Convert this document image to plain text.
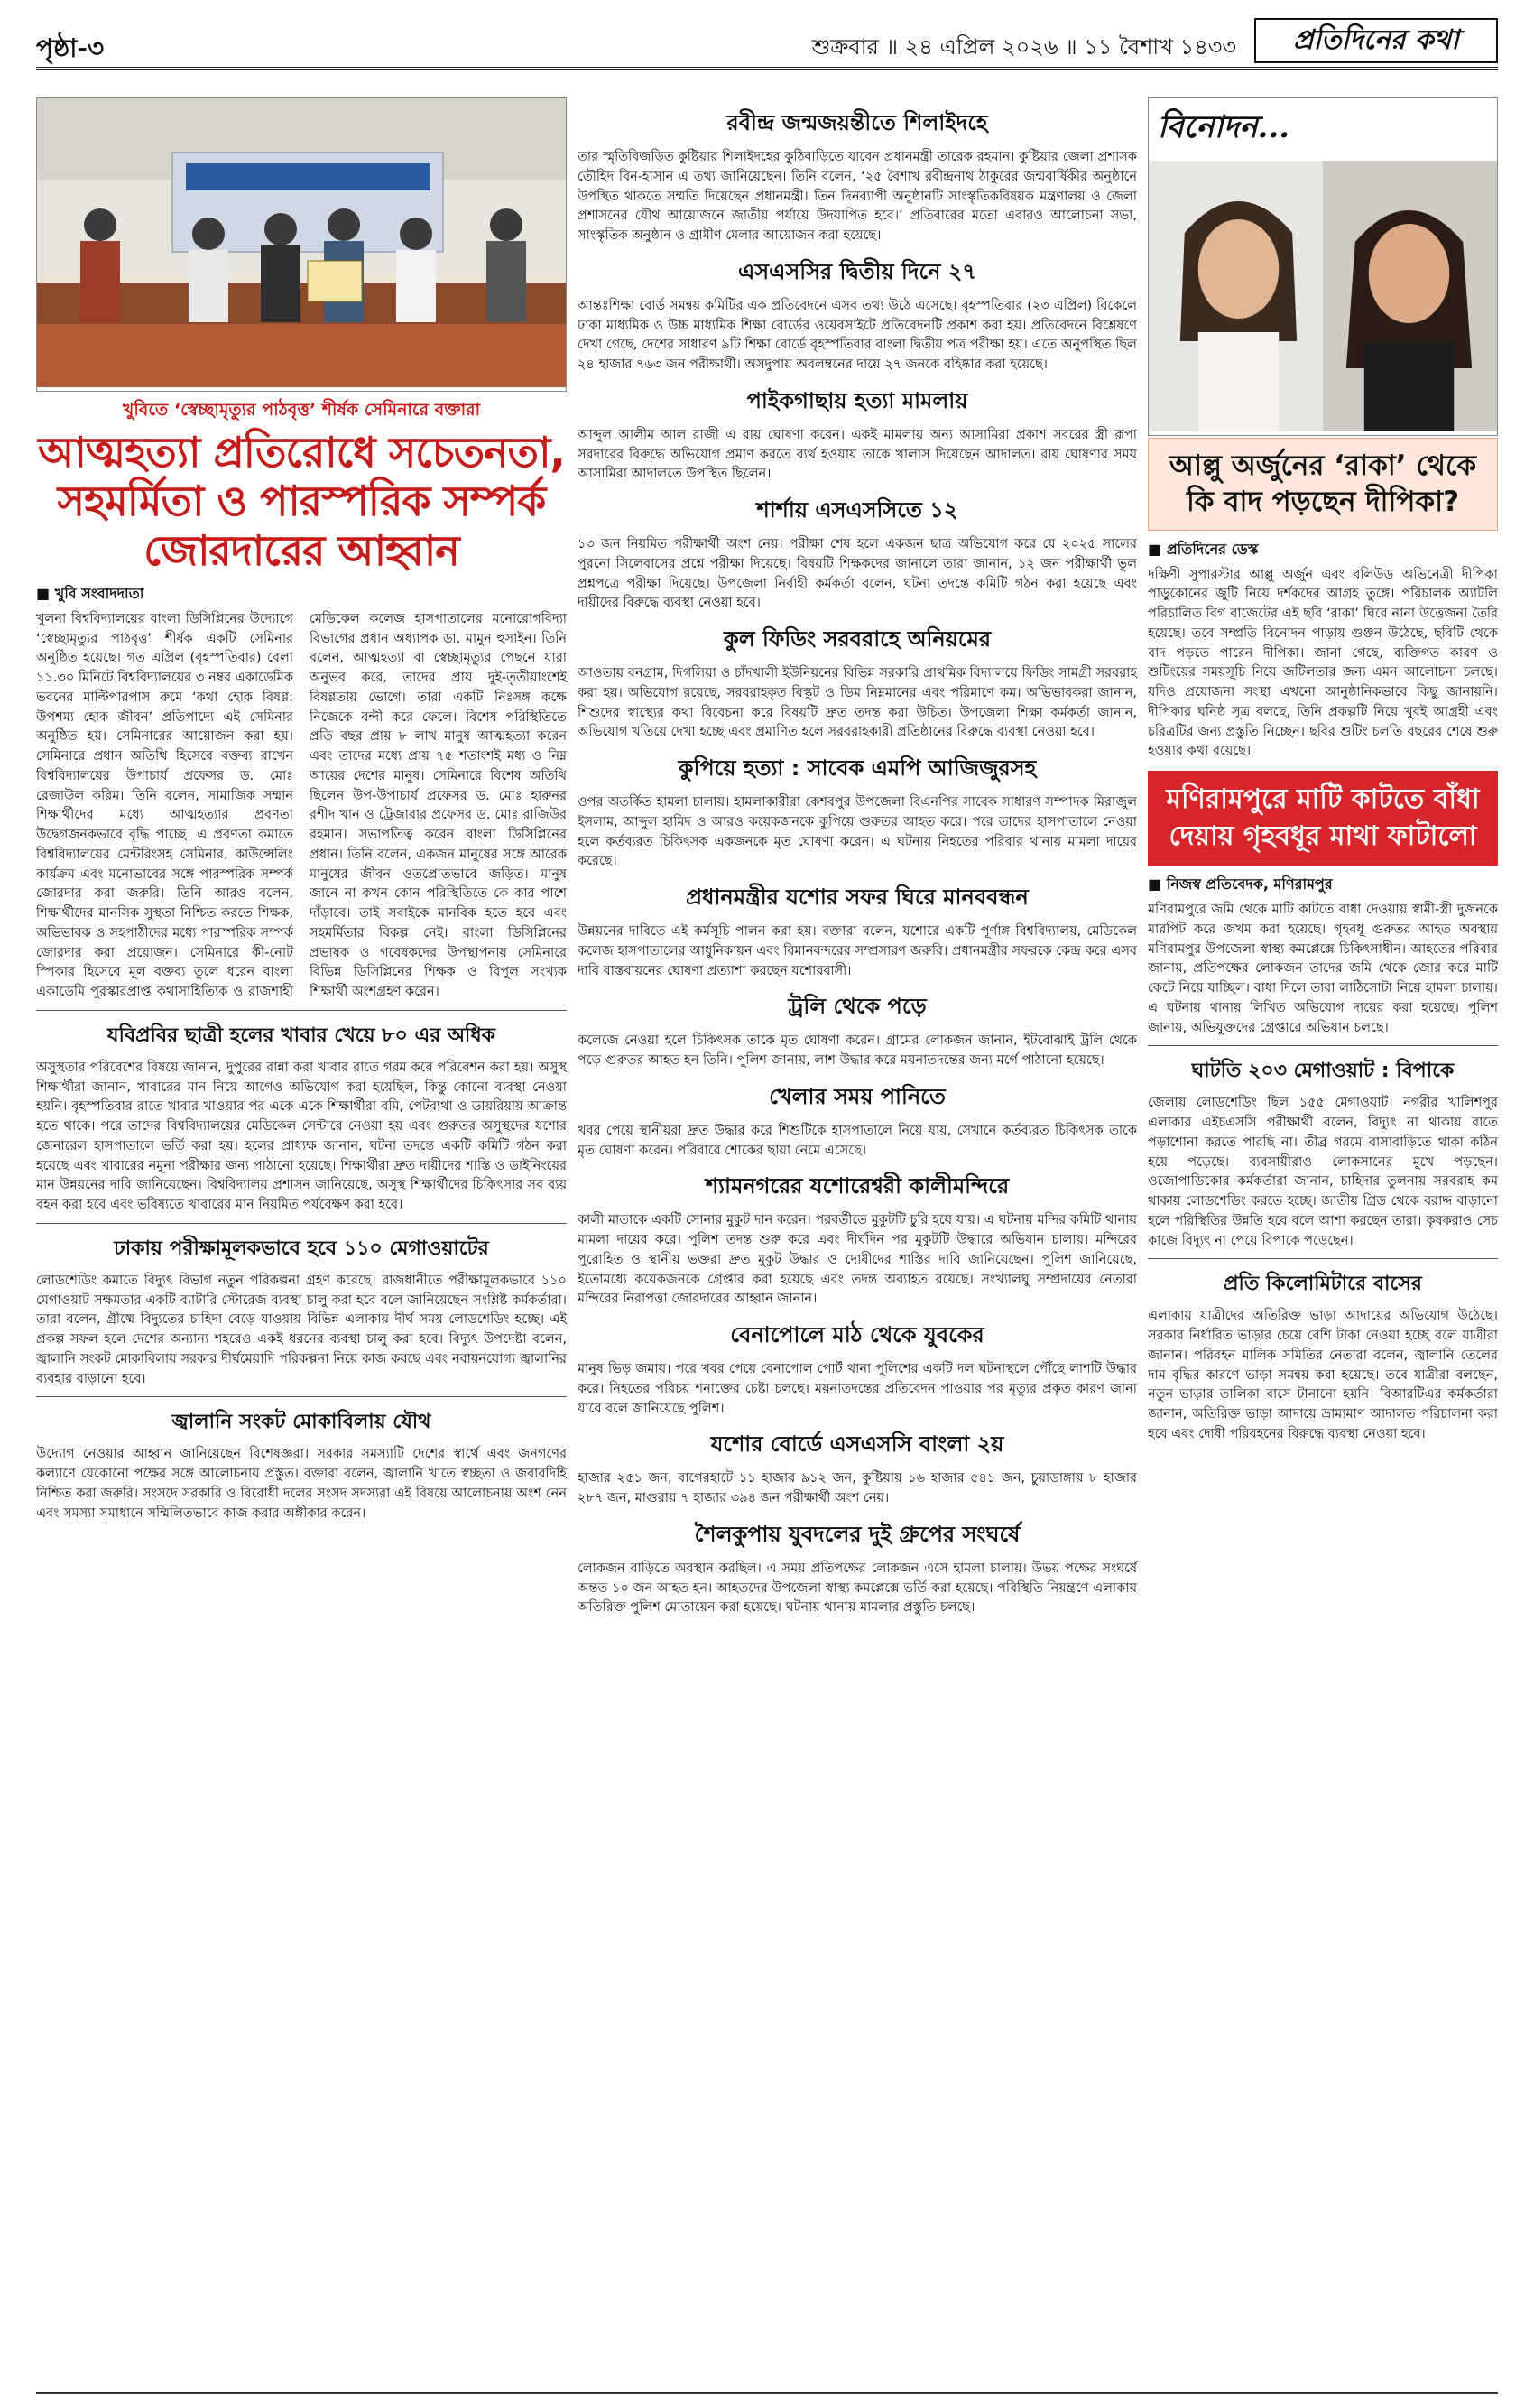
পৃষ্ঠা-৩	শুক্রবার ॥ ২৪ এপ্রিল ২০২৬ ॥ ১১ বৈশাখ ১৪৩৩	প্রতিদিনের কথা
খুবিতে ‘স্বেচ্ছামৃত্যুর পাঠবৃত্ত’ শীর্ষক সেমিনারে বক্তারা
আত্মহত্যা প্রতিরোধে সচেতনতা, সহমর্মিতা ও পারস্পরিক সম্পর্ক জোরদারের আহ্বান
■ খুবি সংবাদদাতা
খুলনা বিশ্ববিদ্যালয়ের বাংলা ডিসিপ্লিনের উদ্যোগে ‘স্বেচ্ছামৃত্যুর পাঠবৃত্ত’ শীর্ষক একটি সেমিনার অনুষ্ঠিত হয়েছে। গত এপ্রিল (বৃহস্পতিবার) বেলা ১১.৩০ মিনিটে বিশ্ববিদ্যালয়ের ৩ নম্বর একাডেমিক ভবনের মাল্টিপারপাস রুমে ‘কথা হোক বিষণ্ণ: উপশম্য হোক জীবন’ প্রতিপাদ্যে এই সেমিনার অনুষ্ঠিত হয়। সেমিনারের আয়োজন করা হয়। সেমিনারে প্রধান অতিথি হিসেবে বক্তব্য রাখেন বিশ্ববিদ্যালয়ের উপাচার্য প্রফেসর ড. মোঃ রেজাউল করিম। তিনি বলেন, সামাজিক সম্মান শিক্ষার্থীদের মধ্যে আত্মহত্যার প্রবণতা উদ্বেগজনকভাবে বৃদ্ধি পাচ্ছে। এ প্রবণতা কমাতে বিশ্ববিদ্যালয়ের মেন্টরিংসহ সেমিনার, কাউন্সেলিং কার্যক্রম এবং মনোভাবের সঙ্গে পারস্পরিক সম্পর্ক জোরদার করা জরুরি। তিনি আরও বলেন, শিক্ষার্থীদের মানসিক সুস্থতা নিশ্চিত করতে শিক্ষক, অভিভাবক ও সহপাঠীদের মধ্যে পারস্পরিক সম্পর্ক জোরদার করা প্রয়োজন। সেমিনারে কী-নোট স্পিকার হিসেবে মূল বক্তব্য তুলে ধরেন বাংলা একাডেমি পুরস্কারপ্রাপ্ত কথাসাহিত্যিক ও রাজশাহী মেডিকেল কলেজ হাসপাতালের মনোরোগবিদ্যা বিভাগের প্রধান অধ্যাপক ডা. মামুন হুসাইন। তিনি বলেন, আত্মহত্যা বা স্বেচ্ছামৃত্যুর পেছনে যারা অনুভব করে, তাদের প্রায় দুই-তৃতীয়াংশেই বিষণ্ণতায় ভোগে। তারা একটি নিঃসঙ্গ কক্ষে নিজেকে বন্দী করে ফেলে। বিশেষ পরিস্থিতিতে প্রতি বছর প্রায় ৮ লাখ মানুষ আত্মহত্যা করেন এবং তাদের মধ্যে প্রায় ৭৫ শতাংশই মধ্য ও নিম্ন আয়ের দেশের মানুষ। সেমিনারে বিশেষ অতিথি ছিলেন উপ-উপাচার্য প্রফেসর ড. মোঃ হারুনর রশীদ খান ও ট্রেজারার প্রফেসর ড. মোঃ রাজিউর রহমান। সভাপতিত্ব করেন বাংলা ডিসিপ্লিনের প্রধান। তিনি বলেন, একজন মানুষের সঙ্গে আরেক মানুষের জীবন ওতপ্রোতভাবে জড়িত। মানুষ জানে না কখন কোন পরিস্থিতিতে কে কার পাশে দাঁড়াবে। তাই সবাইকে মানবিক হতে হবে এবং সহমর্মিতার বিকল্প নেই। বাংলা ডিসিপ্লিনের প্রভাষক ও গবেষকদের উপস্থাপনায় সেমিনারে বিভিন্ন ডিসিপ্লিনের শিক্ষক ও বিপুল সংখ্যক শিক্ষার্থী অংশগ্রহণ করেন।
যবিপ্রবির ছাত্রী হলের খাবার খেয়ে ৮০ এর অধিক
অসুস্থতার পরিবেশের বিষয়ে জানান, দুপুরের রান্না করা খাবার রাতে গরম করে পরিবেশন করা হয়। অসুস্থ শিক্ষার্থীরা জানান, খাবারের মান নিয়ে আগেও অভিযোগ করা হয়েছিল, কিন্তু কোনো ব্যবস্থা নেওয়া হয়নি। বৃহস্পতিবার রাতে খাবার খাওয়ার পর একে একে শিক্ষার্থীরা বমি, পেটব্যথা ও ডায়রিয়ায় আক্রান্ত হতে থাকে। পরে তাদের বিশ্ববিদ্যালয়ের মেডিকেল সেন্টারে নেওয়া হয় এবং গুরুতর অসুস্থদের যশোর জেনারেল হাসপাতালে ভর্তি করা হয়। হলের প্রাধ্যক্ষ জানান, ঘটনা তদন্তে একটি কমিটি গঠন করা হয়েছে এবং খাবারের নমুনা পরীক্ষার জন্য পাঠানো হয়েছে। শিক্ষার্থীরা দ্রুত দায়ীদের শাস্তি ও ডাইনিংয়ের মান উন্নয়নের দাবি জানিয়েছেন। বিশ্ববিদ্যালয় প্রশাসন জানিয়েছে, অসুস্থ শিক্ষার্থীদের চিকিৎসার সব ব্যয় বহন করা হবে এবং ভবিষ্যতে খাবারের মান নিয়মিত পর্যবেক্ষণ করা হবে।
ঢাকায় পরীক্ষামূলকভাবে হবে ১১০ মেগাওয়াটের
লোডশেডিং কমাতে বিদ্যুৎ বিভাগ নতুন পরিকল্পনা গ্রহণ করেছে। রাজধানীতে পরীক্ষামূলকভাবে ১১০ মেগাওয়াট সক্ষমতার একটি ব্যাটারি স্টোরেজ ব্যবস্থা চালু করা হবে বলে জানিয়েছেন সংশ্লিষ্ট কর্মকর্তারা। তারা বলেন, গ্রীষ্মে বিদ্যুতের চাহিদা বেড়ে যাওয়ায় বিভিন্ন এলাকায় দীর্ঘ সময় লোডশেডিং হচ্ছে। এই প্রকল্প সফল হলে দেশের অন্যান্য শহরেও একই ধরনের ব্যবস্থা চালু করা হবে। বিদ্যুৎ উপদেষ্টা বলেন, জ্বালানি সংকট মোকাবিলায় সরকার দীর্ঘমেয়াদি পরিকল্পনা নিয়ে কাজ করছে এবং নবায়নযোগ্য জ্বালানির ব্যবহার বাড়ানো হবে।
জ্বালানি সংকট মোকাবিলায় যৌথ
উদ্যোগ নেওয়ার আহ্বান জানিয়েছেন বিশেষজ্ঞরা। সরকার সমস্যাটি দেশের স্বার্থে এবং জনগণের কল্যাণে যেকোনো পক্ষের সঙ্গে আলোচনায় প্রস্তুত। বক্তারা বলেন, জ্বালানি খাতে স্বচ্ছতা ও জবাবদিহি নিশ্চিত করা জরুরি। সংসদে সরকারি ও বিরোধী দলের সংসদ সদস্যরা এই বিষয়ে আলোচনায় অংশ নেন এবং সমস্যা সমাধানে সম্মিলিতভাবে কাজ করার অঙ্গীকার করেন।
রবীন্দ্র জন্মজয়ন্তীতে শিলাইদহে
তার স্মৃতিবিজড়িত কুষ্টিয়ার শিলাইদহের কুঠিবাড়িতে যাবেন প্রধানমন্ত্রী তারেক রহমান। কুষ্টিয়ার জেলা প্রশাসক তৌহিদ বিন-হাসান এ তথ্য জানিয়েছেন। তিনি বলেন, ‘২৫ বৈশাখ রবীন্দ্রনাথ ঠাকুরের জন্মবার্ষিকীর অনুষ্ঠানে উপস্থিত থাকতে সম্মতি দিয়েছেন প্রধানমন্ত্রী। তিন দিনব্যাপী অনুষ্ঠানটি সাংস্কৃতিকবিষয়ক মন্ত্রণালয় ও জেলা প্রশাসনের যৌথ আয়োজনে জাতীয় পর্যায়ে উদযাপিত হবে।’ প্রতিবারের মতো এবারও আলোচনা সভা, সাংস্কৃতিক অনুষ্ঠান ও গ্রামীণ মেলার আয়োজন করা হয়েছে।
এসএসসির দ্বিতীয় দিনে ২৭
আন্তঃশিক্ষা বোর্ড সমন্বয় কমিটির এক প্রতিবেদনে এসব তথ্য উঠে এসেছে। বৃহস্পতিবার (২৩ এপ্রিল) বিকেলে ঢাকা মাধ্যমিক ও উচ্চ মাধ্যমিক শিক্ষা বোর্ডের ওয়েবসাইটে প্রতিবেদনটি প্রকাশ করা হয়। প্রতিবেদনে বিশ্লেষণে দেখা গেছে, দেশের সাধারণ ৯টি শিক্ষা বোর্ডে বৃহস্পতিবার বাংলা দ্বিতীয় পত্র পরীক্ষা হয়। এতে অনুপস্থিত ছিল ২৪ হাজার ৭৬৩ জন পরীক্ষার্থী। অসদুপায় অবলম্বনের দায়ে ২৭ জনকে বহিষ্কার করা হয়েছে।
পাইকগাছায় হত্যা মামলায়
আব্দুল আলীম আল রাজী এ রায় ঘোষণা করেন। একই মামলায় অন্য আসামিরা প্রকাশ সবরের স্ত্রী রূপা সরদারের বিরুদ্ধে অভিযোগ প্রমাণ করতে ব্যর্থ হওয়ায় তাকে খালাস দিয়েছেন আদালত। রায় ঘোষণার সময় আসামিরা আদালতে উপস্থিত ছিলেন।
শার্শায় এসএসসিতে ১২
১৩ জন নিয়মিত পরীক্ষার্থী অংশ নেয়। পরীক্ষা শেষ হলে একজন ছাত্র অভিযোগ করে যে ২০২৫ সালের পুরনো সিলেবাসের প্রশ্নে পরীক্ষা দিয়েছে। বিষয়টি শিক্ষকদের জানালে তারা জানান, ১২ জন পরীক্ষার্থী ভুল প্রশ্নপত্রে পরীক্ষা দিয়েছে। উপজেলা নির্বাহী কর্মকর্তা বলেন, ঘটনা তদন্তে কমিটি গঠন করা হয়েছে এবং দায়ীদের বিরুদ্ধে ব্যবস্থা নেওয়া হবে।
কুল ফিডিং সরবরাহে অনিয়মের
আওতায় বনগ্রাম, দিগলিয়া ও চাঁদখালী ইউনিয়নের বিভিন্ন সরকারি প্রাথমিক বিদ্যালয়ে ফিডিং সামগ্রী সরবরাহ করা হয়। অভিযোগ রয়েছে, সরবরাহকৃত বিস্কুট ও ডিম নিম্নমানের এবং পরিমাণে কম। অভিভাবকরা জানান, শিশুদের স্বাস্থ্যের কথা বিবেচনা করে বিষয়টি দ্রুত তদন্ত করা উচিত। উপজেলা শিক্ষা কর্মকর্তা জানান, অভিযোগ খতিয়ে দেখা হচ্ছে এবং প্রমাণিত হলে সরবরাহকারী প্রতিষ্ঠানের বিরুদ্ধে ব্যবস্থা নেওয়া হবে।
কুপিয়ে হত্যা : সাবেক এমপি আজিজুরসহ
ওপর অতর্কিত হামলা চালায়। হামলাকারীরা কেশবপুর উপজেলা বিএনপির সাবেক সাধারণ সম্পাদক মিরাজুল ইসলাম, আব্দুল হামিদ ও আরও কয়েকজনকে কুপিয়ে গুরুতর আহত করে। পরে তাদের হাসপাতালে নেওয়া হলে কর্তব্যরত চিকিৎসক একজনকে মৃত ঘোষণা করেন। এ ঘটনায় নিহতের পরিবার থানায় মামলা দায়ের করেছে।
প্রধানমন্ত্রীর যশোর সফর ঘিরে মানববন্ধন
উন্নয়নের দাবিতে এই কর্মসূচি পালন করা হয়। বক্তারা বলেন, যশোরে একটি পূর্ণাঙ্গ বিশ্ববিদ্যালয়, মেডিকেল কলেজ হাসপাতালের আধুনিকায়ন এবং বিমানবন্দরের সম্প্রসারণ জরুরি। প্রধানমন্ত্রীর সফরকে কেন্দ্র করে এসব দাবি বাস্তবায়নের ঘোষণা প্রত্যাশা করছেন যশোরবাসী।
ট্রলি থেকে পড়ে
কলেজে নেওয়া হলে চিকিৎসক তাকে মৃত ঘোষণা করেন। গ্রামের লোকজন জানান, ইটবোঝাই ট্রলি থেকে পড়ে গুরুতর আহত হন তিনি। পুলিশ জানায়, লাশ উদ্ধার করে ময়নাতদন্তের জন্য মর্গে পাঠানো হয়েছে।
খেলার সময় পানিতে
খবর পেয়ে স্থানীয়রা দ্রুত উদ্ধার করে শিশুটিকে হাসপাতালে নিয়ে যায়, সেখানে কর্তব্যরত চিকিৎসক তাকে মৃত ঘোষণা করেন। পরিবারে শোকের ছায়া নেমে এসেছে।
শ্যামনগরের যশোরেশ্বরী কালীমন্দিরে
কালী মাতাকে একটি সোনার মুকুট দান করেন। পরবর্তীতে মুকুটটি চুরি হয়ে যায়। এ ঘটনায় মন্দির কমিটি থানায় মামলা দায়ের করে। পুলিশ তদন্ত শুরু করে এবং দীর্ঘদিন পর মুকুটটি উদ্ধারে অভিযান চালায়। মন্দিরের পুরোহিত ও স্থানীয় ভক্তরা দ্রুত মুকুট উদ্ধার ও দোষীদের শাস্তির দাবি জানিয়েছেন। পুলিশ জানিয়েছে, ইতোমধ্যে কয়েকজনকে গ্রেপ্তার করা হয়েছে এবং তদন্ত অব্যাহত রয়েছে। সংখ্যালঘু সম্প্রদায়ের নেতারা মন্দিরের নিরাপত্তা জোরদারের আহ্বান জানান।
বেনাপোলে মাঠ থেকে যুবকের
মানুষ ভিড় জমায়। পরে খবর পেয়ে বেনাপোল পোর্ট থানা পুলিশের একটি দল ঘটনাস্থলে পৌঁছে লাশটি উদ্ধার করে। নিহতের পরিচয় শনাক্তের চেষ্টা চলছে। ময়নাতদন্তের প্রতিবেদন পাওয়ার পর মৃত্যুর প্রকৃত কারণ জানা যাবে বলে জানিয়েছে পুলিশ।
যশোর বোর্ডে এসএসসি বাংলা ২য়
হাজার ২৫১ জন, বাগেরহাটে ১১ হাজার ৯১২ জন, কুষ্টিয়ায় ১৬ হাজার ৫৪১ জন, চুয়াডাঙ্গায় ৮ হাজার ২৮৭ জন, মাগুরায় ৭ হাজার ৩৯৪ জন পরীক্ষার্থী অংশ নেয়।
শৈলকুপায় যুবদলের দুই গ্রুপের সংঘর্ষে
লোকজন বাড়িতে অবস্থান করছিল। এ সময় প্রতিপক্ষের লোকজন এসে হামলা চালায়। উভয় পক্ষের সংঘর্ষে অন্তত ১০ জন আহত হন। আহতদের উপজেলা স্বাস্থ্য কমপ্লেক্সে ভর্তি করা হয়েছে। পরিস্থিতি নিয়ন্ত্রণে এলাকায় অতিরিক্ত পুলিশ মোতায়েন করা হয়েছে। ঘটনায় থানায় মামলার প্রস্তুতি চলছে।
বিনোদন...
আল্লু অর্জুনের ‘রাকা’ থেকে কি বাদ পড়ছেন দীপিকা?
■ প্রতিদিনের ডেস্ক
দক্ষিণী সুপারস্টার আল্লু অর্জুন এবং বলিউড অভিনেত্রী দীপিকা পাড়ুকোনের জুটি নিয়ে দর্শকদের আগ্রহ তুঙ্গে। পরিচালক অ্যাটলি পরিচালিত বিগ বাজেটের এই ছবি ‘রাকা’ ঘিরে নানা উত্তেজনা তৈরি হয়েছে। তবে সম্প্রতি বিনোদন পাড়ায় গুঞ্জন উঠেছে, ছবিটি থেকে বাদ পড়তে পারেন দীপিকা। জানা গেছে, ব্যক্তিগত কারণ ও শুটিংয়ের সময়সূচি নিয়ে জটিলতার জন্য এমন আলোচনা চলছে। যদিও প্রযোজনা সংস্থা এখনো আনুষ্ঠানিকভাবে কিছু জানায়নি। দীপিকার ঘনিষ্ঠ সূত্র বলছে, তিনি প্রকল্পটি নিয়ে খুবই আগ্রহী এবং চরিত্রটির জন্য প্রস্তুতি নিচ্ছেন। ছবির শুটিং চলতি বছরের শেষে শুরু হওয়ার কথা রয়েছে।
মণিরামপুরে মাটি কাটতে বাঁধা দেয়ায় গৃহবধূর মাথা ফাটালো
■ নিজস্ব প্রতিবেদক, মণিরামপুর
মণিরামপুরে জমি থেকে মাটি কাটতে বাধা দেওয়ায় স্বামী-স্ত্রী দুজনকে মারপিট করে জখম করা হয়েছে। গৃহবধূ গুরুতর আহত অবস্থায় মণিরামপুর উপজেলা স্বাস্থ্য কমপ্লেক্সে চিকিৎসাধীন। আহতের পরিবার জানায়, প্রতিপক্ষের লোকজন তাদের জমি থেকে জোর করে মাটি কেটে নিয়ে যাচ্ছিল। বাধা দিলে তারা লাঠিসোটা নিয়ে হামলা চালায়। এ ঘটনায় থানায় লিখিত অভিযোগ দায়ের করা হয়েছে। পুলিশ জানায়, অভিযুক্তদের গ্রেপ্তারে অভিযান চলছে।
ঘাটতি ২০৩ মেগাওয়াট : বিপাকে
জেলায় লোডশেডিং ছিল ১৫৫ মেগাওয়াট। নগরীর খালিশপুর এলাকার এইচএসসি পরীক্ষার্থী বলেন, বিদ্যুৎ না থাকায় রাতে পড়াশোনা করতে পারছি না। তীব্র গরমে বাসাবাড়িতে থাকা কঠিন হয়ে পড়েছে। ব্যবসায়ীরাও লোকসানের মুখে পড়ছেন। ওজোপাডিকোর কর্মকর্তারা জানান, চাহিদার তুলনায় সরবরাহ কম থাকায় লোডশেডিং করতে হচ্ছে। জাতীয় গ্রিড থেকে বরাদ্দ বাড়ানো হলে পরিস্থিতির উন্নতি হবে বলে আশা করছেন তারা। কৃষকরাও সেচ কাজে বিদ্যুৎ না পেয়ে বিপাকে পড়েছেন।
প্রতি কিলোমিটারে বাসের
এলাকায় যাত্রীদের অতিরিক্ত ভাড়া আদায়ের অভিযোগ উঠেছে। সরকার নির্ধারিত ভাড়ার চেয়ে বেশি টাকা নেওয়া হচ্ছে বলে যাত্রীরা জানান। পরিবহন মালিক সমিতির নেতারা বলেন, জ্বালানি তেলের দাম বৃদ্ধির কারণে ভাড়া সমন্বয় করা হয়েছে। তবে যাত্রীরা বলছেন, নতুন ভাড়ার তালিকা বাসে টানানো হয়নি। বিআরটিএর কর্মকর্তারা জানান, অতিরিক্ত ভাড়া আদায়ে ভ্রাম্যমাণ আদালত পরিচালনা করা হবে এবং দোষী পরিবহনের বিরুদ্ধে ব্যবস্থা নেওয়া হবে।
